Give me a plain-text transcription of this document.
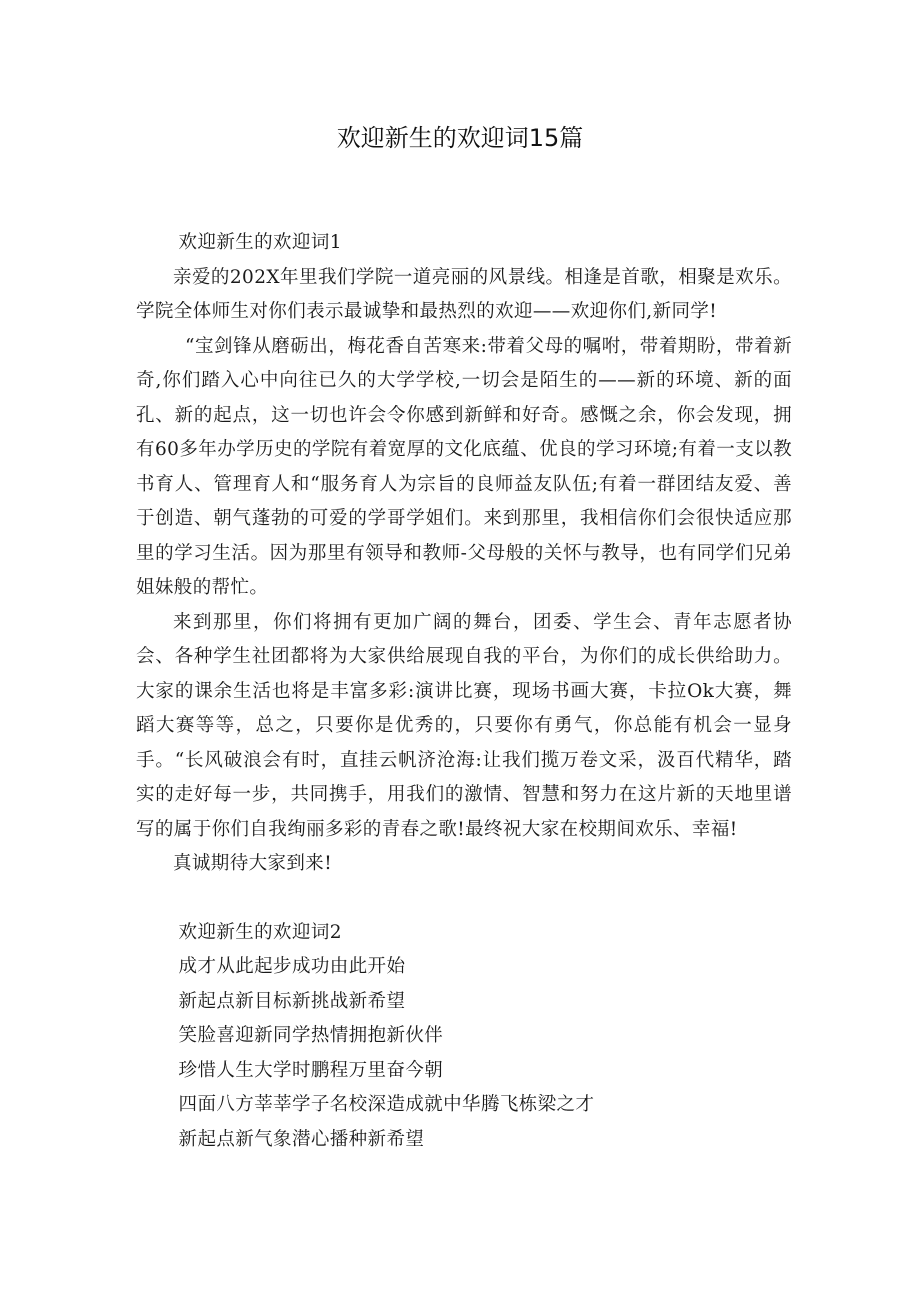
欢迎新生的欢迎词15篇

欢迎新生的欢迎词1

亲爱的202X年里我们学院一道亮丽的风景线。相逢是首歌，相聚是欢乐。学院全体师生对你们表示最诚挚和最热烈的欢迎——欢迎你们,新同学!

“宝剑锋从磨砺出，梅花香自苦寒来:带着父母的嘱咐，带着期盼，带着新奇,你们踏入心中向往已久的大学学校,一切会是陌生的——新的环境、新的面孔、新的起点，这一切也许会令你感到新鲜和好奇。感慨之余，你会发现，拥有60多年办学历史的学院有着宽厚的文化底蕴、优良的学习环境;有着一支以教书育人、管理育人和“服务育人为宗旨的良师益友队伍;有着一群团结友爱、善于创造、朝气蓬勃的可爱的学哥学姐们。来到那里，我相信你们会很快适应那里的学习生活。因为那里有领导和教师-父母般的关怀与教导，也有同学们兄弟姐妹般的帮忙。

来到那里，你们将拥有更加广阔的舞台，团委、学生会、青年志愿者协会、各种学生社团都将为大家供给展现自我的平台，为你们的成长供给助力。大家的课余生活也将是丰富多彩:演讲比赛，现场书画大赛，卡拉Ok大赛，舞蹈大赛等等，总之，只要你是优秀的，只要你有勇气，你总能有机会一显身手。“长风破浪会有时，直挂云帆济沧海:让我们揽万卷文采，汲百代精华，踏实的走好每一步，共同携手，用我们的激情、智慧和努力在这片新的天地里谱写的属于你们自我绚丽多彩的青春之歌!最终祝大家在校期间欢乐、幸福!

真诚期待大家到来!

欢迎新生的欢迎词2

成才从此起步成功由此开始

新起点新目标新挑战新希望

笑脸喜迎新同学热情拥抱新伙伴

珍惜人生大学时鹏程万里奋今朝

四面八方莘莘学子名校深造成就中华腾飞栋梁之才

新起点新气象潜心播种新希望
